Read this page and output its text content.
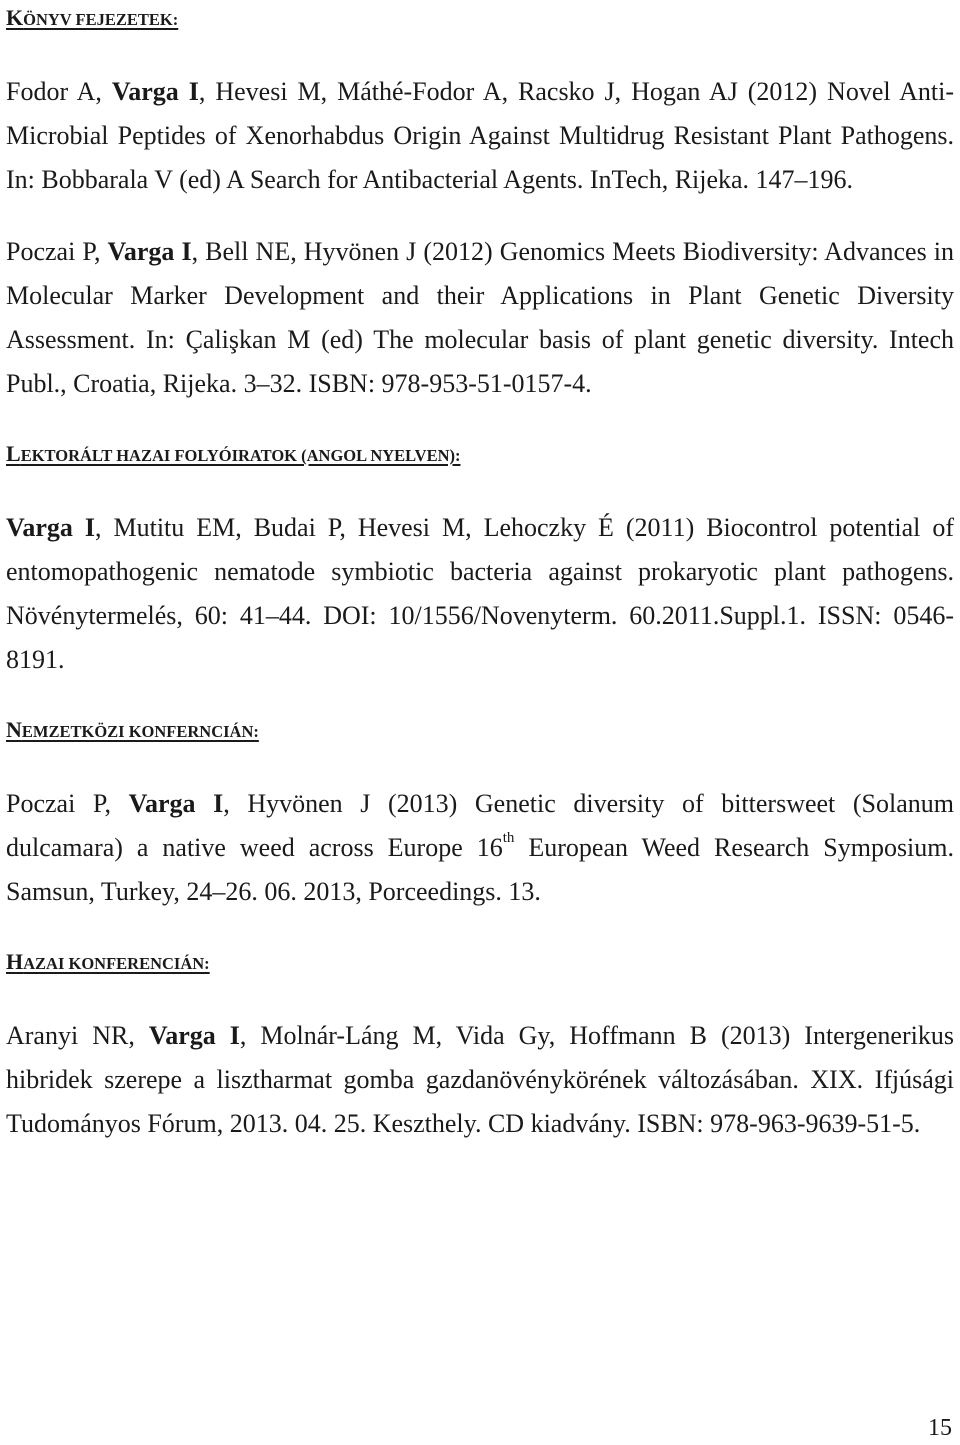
KÖNYV FEJEZETEK:

Fodor A, Varga I, Hevesi M, Máthé-Fodor A, Racsko J, Hogan AJ (2012) Novel Anti-Microbial Peptides of Xenorhabdus Origin Against Multidrug Resistant Plant Pathogens. In: Bobbarala V (ed) A Search for Antibacterial Agents. InTech, Rijeka. 147–196.

Poczai P, Varga I, Bell NE, Hyvönen J (2012) Genomics Meets Biodiversity: Advances in Molecular Marker Development and their Applications in Plant Genetic Diversity Assessment. In: Çalişkan M (ed) The molecular basis of plant genetic diversity. Intech Publ., Croatia, Rijeka. 3–32. ISBN: 978-953-51-0157-4.

LEKTORÁLT HAZAI FOLYÓIRATOK (ANGOL NYELVEN):

Varga I, Mutitu EM, Budai P, Hevesi M, Lehoczky É (2011) Biocontrol potential of entomopathogenic nematode symbiotic bacteria against prokaryotic plant pathogens. Növénytermelés, 60: 41–44. DOI: 10/1556/Novenyterm. 60.2011.Suppl.1. ISSN: 0546-8191.

NEMZETKÖZI KONFERNCIÁN:

Poczai P, Varga I, Hyvönen J (2013) Genetic diversity of bittersweet (Solanum dulcamara) a native weed across Europe 16th European Weed Research Symposium. Samsun, Turkey, 24–26. 06. 2013, Porceedings. 13.

HAZAI KONFERENCIÁN:

Aranyi NR, Varga I, Molnár-Láng M, Vida Gy, Hoffmann B (2013) Intergenerikus hibridek szerepe a lisztharmat gomba gazdanövénykörének változásában. XIX. Ifjúsági Tudományos Fórum, 2013. 04. 25. Keszthely. CD kiadvány. ISBN: 978-963-9639-51-5.

15
